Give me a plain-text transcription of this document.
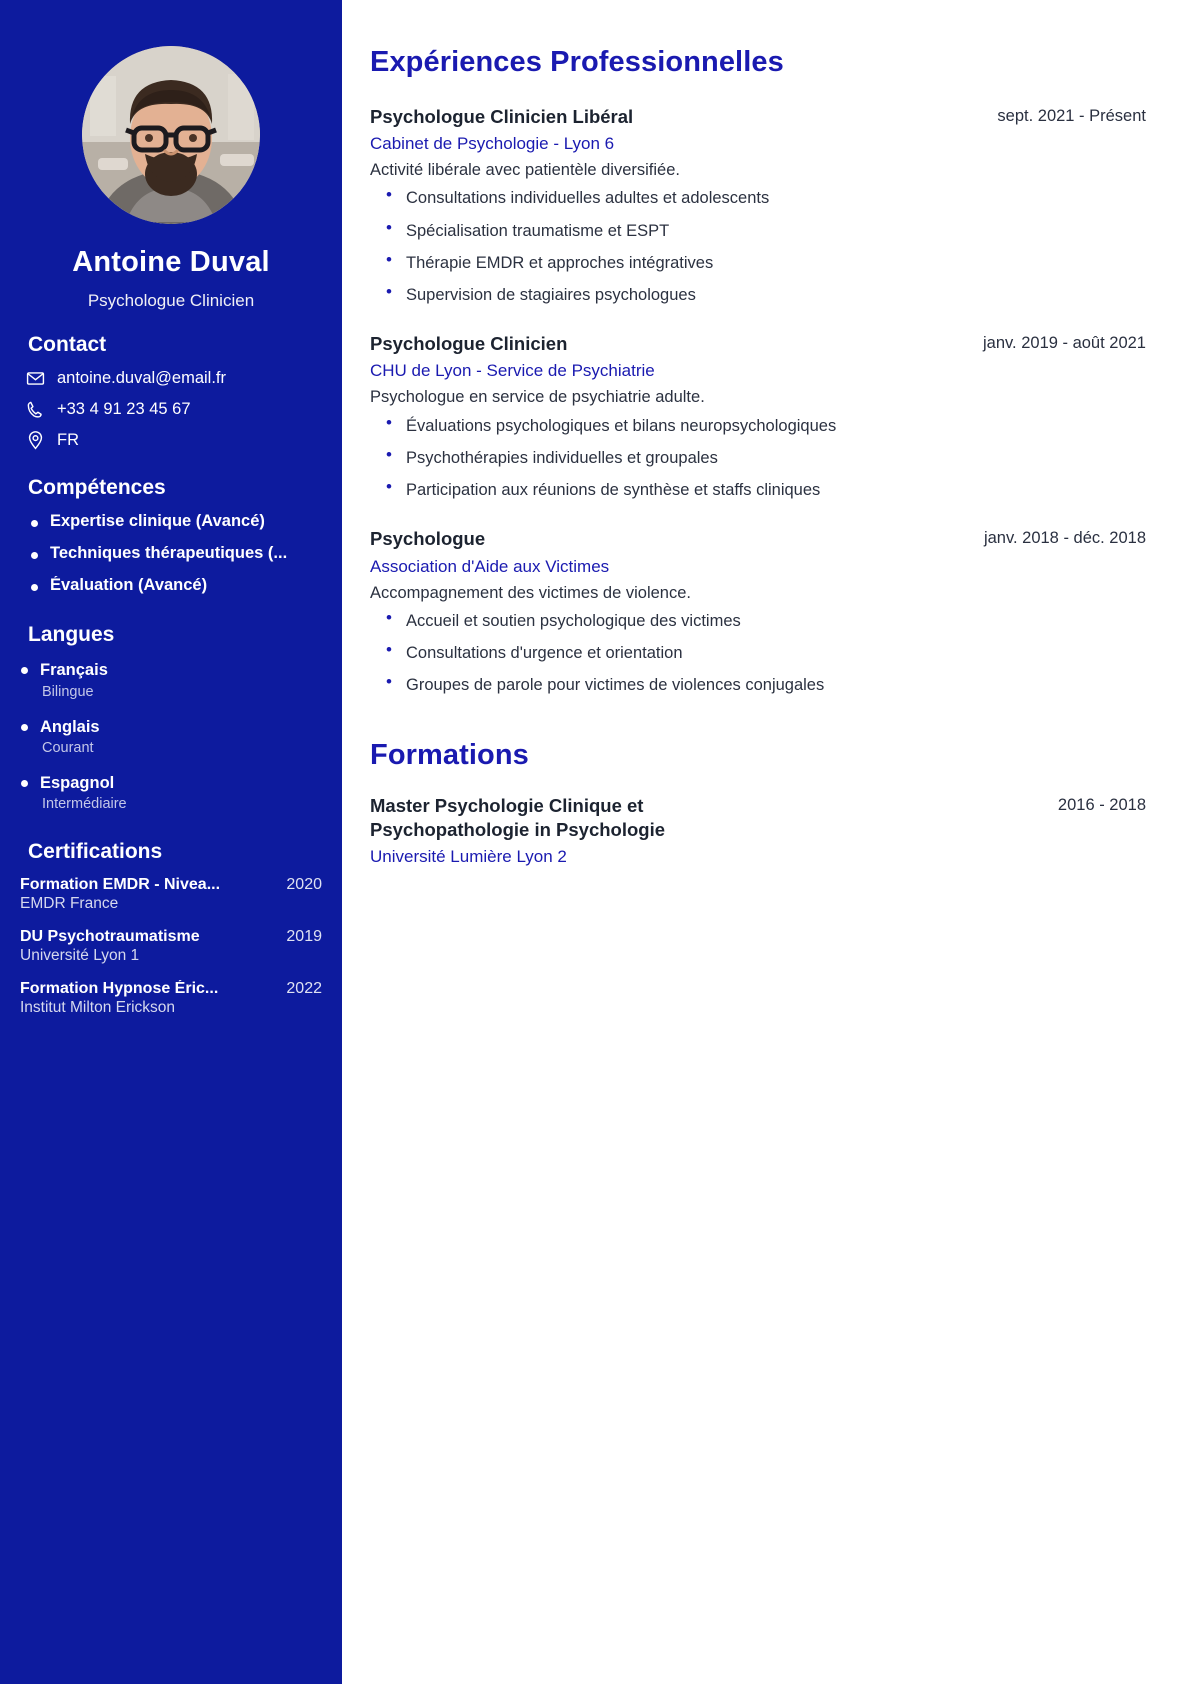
Antoine Duval
Psychologue Clinicien
Contact
antoine.duval@email.fr
+33 4 91 23 45 67
FR
Compétences
Expertise clinique (Avancé)
Techniques thérapeutiques (...
Évaluation (Avancé)
Langues
Français
Bilingue
Anglais
Courant
Espagnol
Intermédiaire
Certifications
Formation EMDR - Nivea...	2020
EMDR France
DU Psychotraumatisme	2019
Université Lyon 1
Formation Hypnose Éric...	2022
Institut Milton Erickson
Expériences Professionnelles
Psychologue Clinicien Libéral	sept. 2021 - Présent
Cabinet de Psychologie - Lyon 6
Activité libérale avec patientèle diversifiée.
• Consultations individuelles adultes et adolescents
• Spécialisation traumatisme et ESPT
• Thérapie EMDR et approches intégratives
• Supervision de stagiaires psychologues
Psychologue Clinicien	janv. 2019 - août 2021
CHU de Lyon - Service de Psychiatrie
Psychologue en service de psychiatrie adulte.
• Évaluations psychologiques et bilans neuropsychologiques
• Psychothérapies individuelles et groupales
• Participation aux réunions de synthèse et staffs cliniques
Psychologue	janv. 2018 - déc. 2018
Association d'Aide aux Victimes
Accompagnement des victimes de violence.
• Accueil et soutien psychologique des victimes
• Consultations d'urgence et orientation
• Groupes de parole pour victimes de violences conjugales
Formations
Master Psychologie Clinique et
Psychopathologie in Psychologie
2016 - 2018
Université Lumière Lyon 2
